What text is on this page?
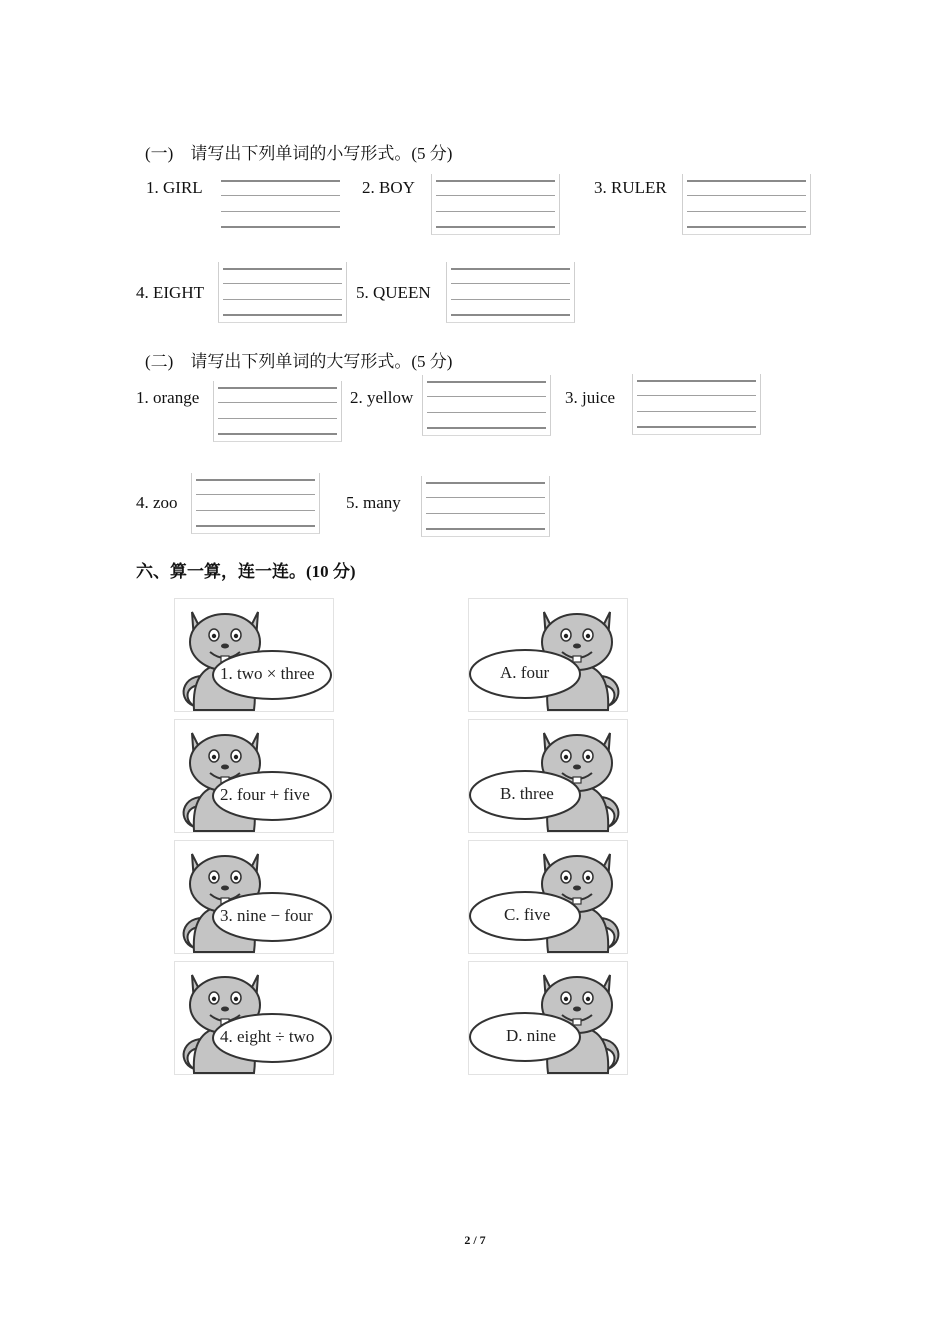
(一)　请写出下列单词的小写形式。(5 分)
1. GIRL	2. BOY	3. RULER
4. EIGHT	5. QUEEN
(二)　请写出下列单词的大写形式。(5 分)
1. orange	2. yellow	3. juice
4. zoo	5. many
六、算一算，连一连。(10 分)
1. two × three
2. four + five
3. nine − four
4. eight ÷ two
A. four
B. three
C. five
D. nine
2 / 7
